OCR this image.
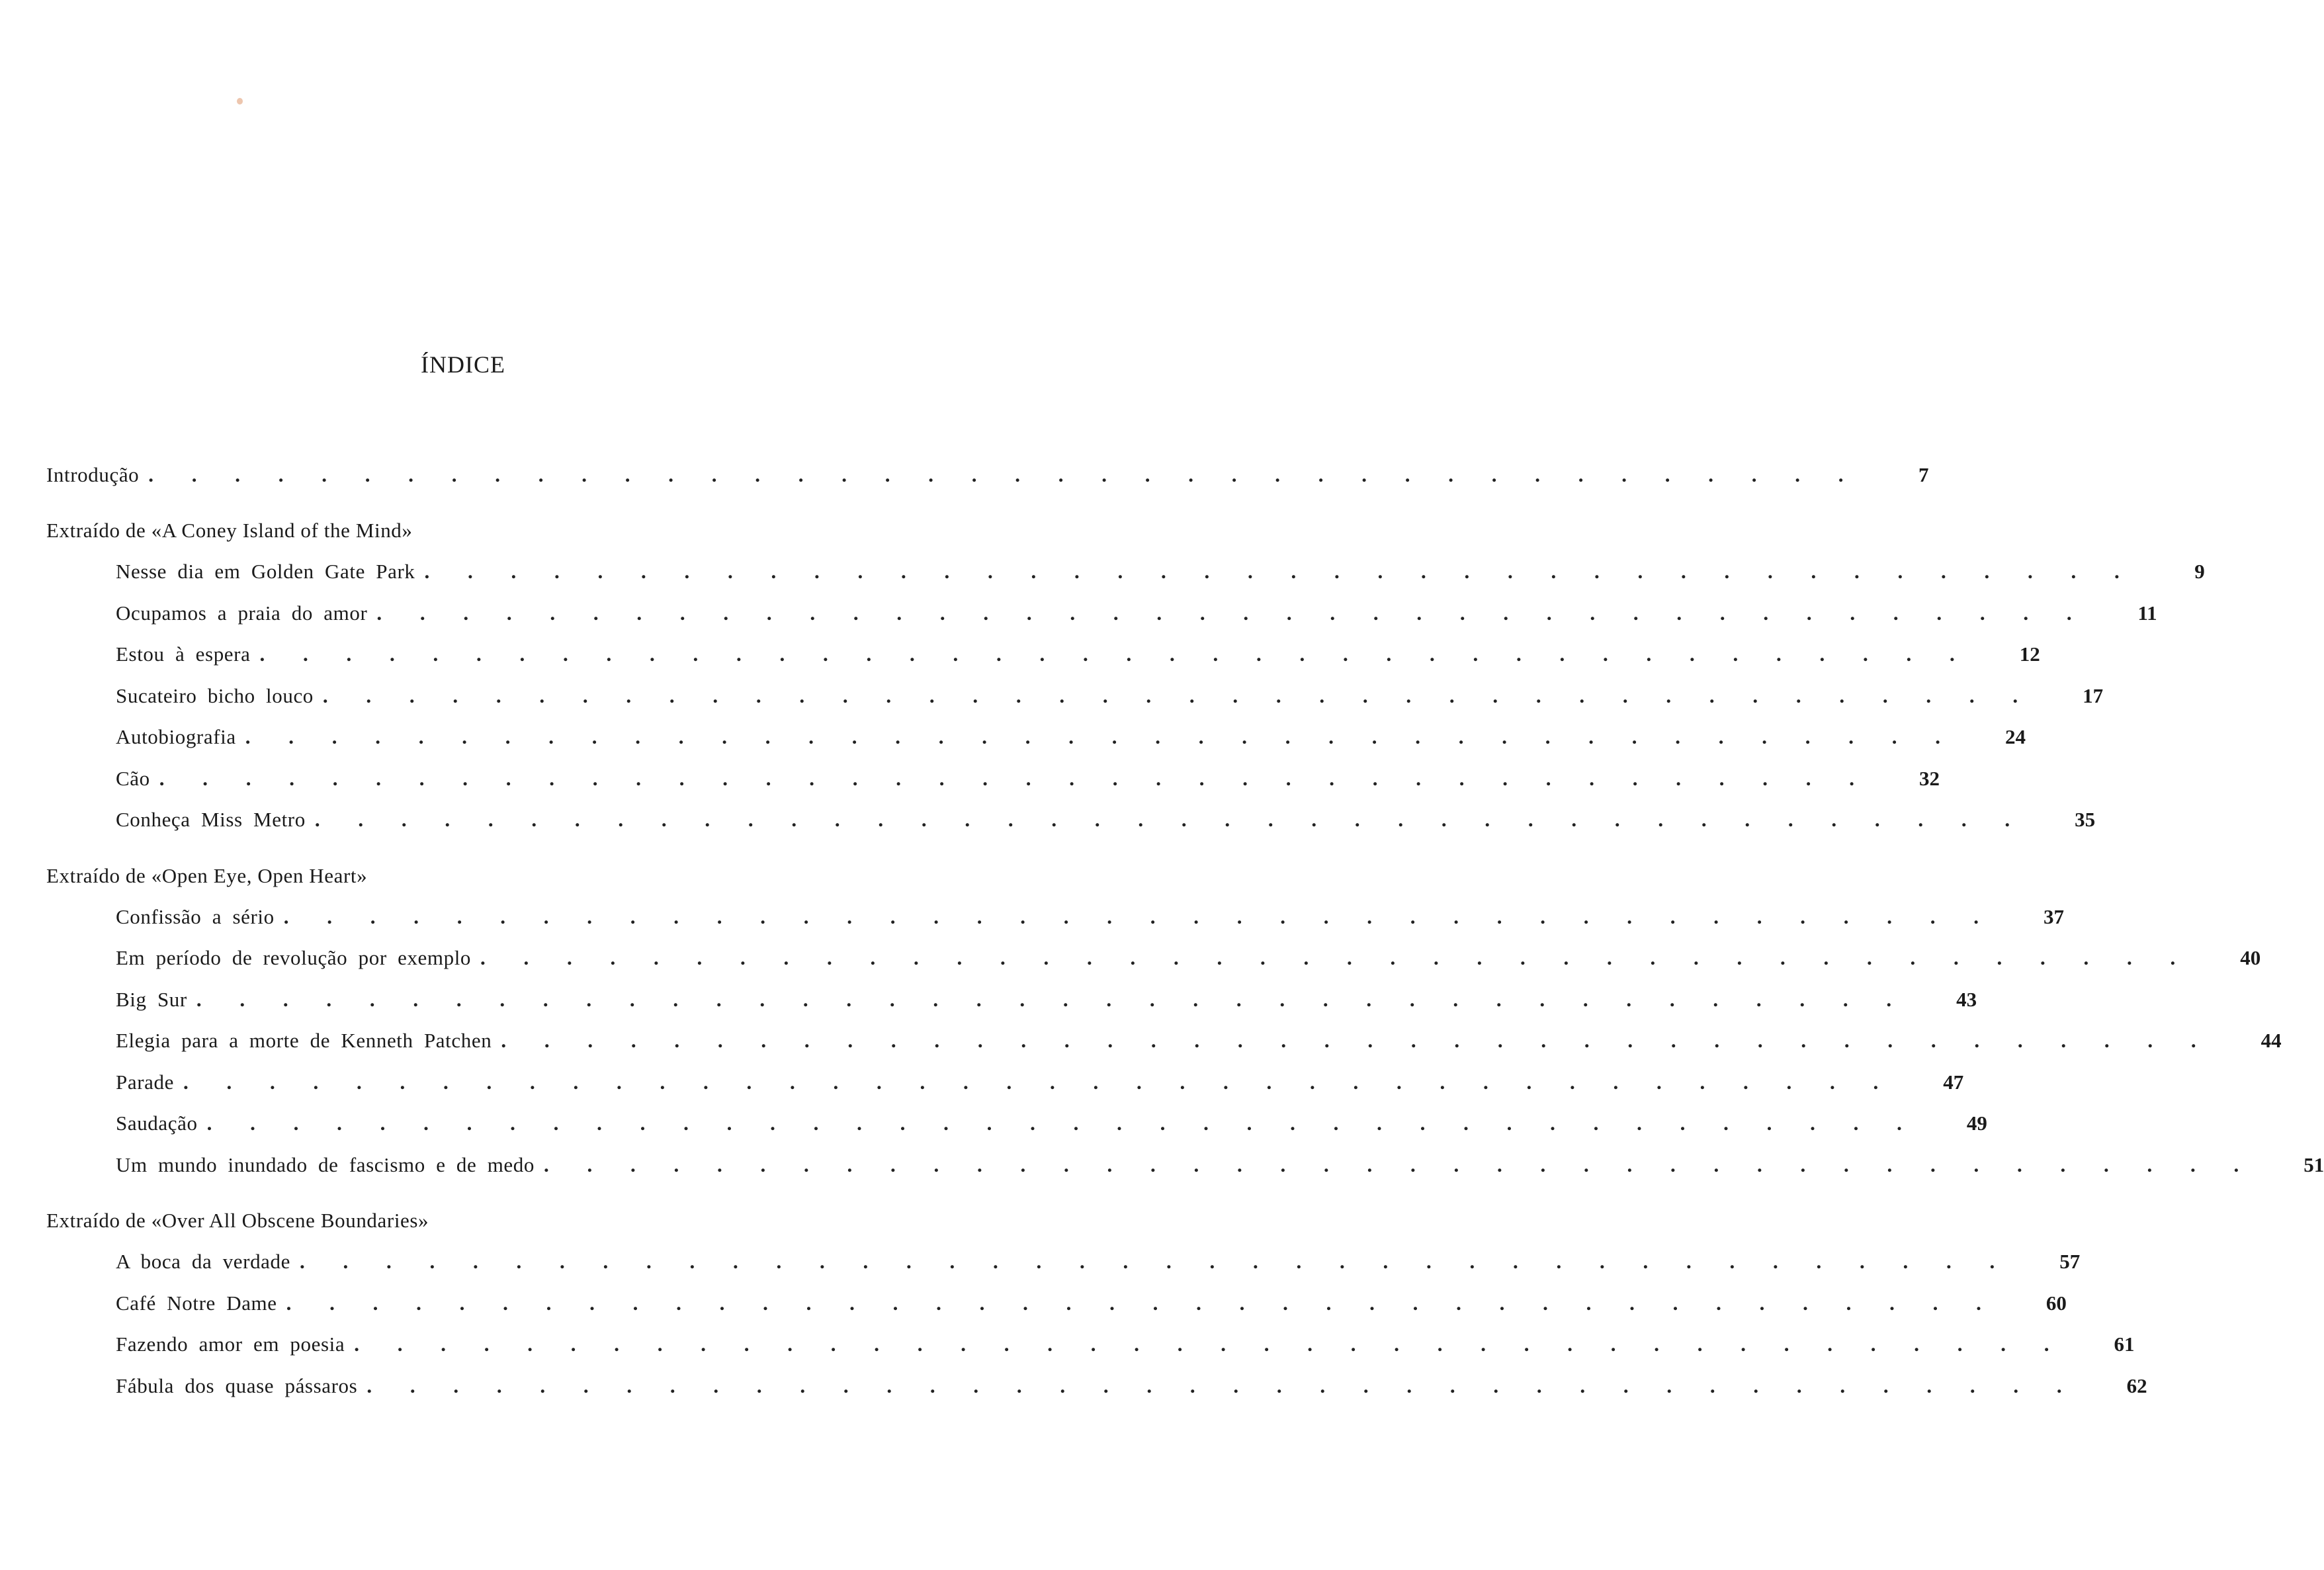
ÍNDICE
Introdução . . . . . . . . . . . . . . . . . . . . . . . . . . . . . . . . . . . . . . . .	7
Extraído de «A Coney Island of the Mind»
Nesse dia em Golden Gate Park . . . . . . . . . . . . . . . . . . . . . . . . . . . . . . . . . . . . . . . .	9
Ocupamos a praia do amor . . . . . . . . . . . . . . . . . . . . . . . . . . . . . . . . . . . . . . . .	11
Estou à espera . . . . . . . . . . . . . . . . . . . . . . . . . . . . . . . . . . . . . . . .	12
Sucateiro bicho louco . . . . . . . . . . . . . . . . . . . . . . . . . . . . . . . . . . . . . . . .	17
Autobiografia . . . . . . . . . . . . . . . . . . . . . . . . . . . . . . . . . . . . . . . .	24
Cão . . . . . . . . . . . . . . . . . . . . . . . . . . . . . . . . . . . . . . . .	32
Conheça Miss Metro . . . . . . . . . . . . . . . . . . . . . . . . . . . . . . . . . . . . . . . .	35
Extraído de «Open Eye, Open Heart»
Confissão a sério . . . . . . . . . . . . . . . . . . . . . . . . . . . . . . . . . . . . . . . .	37
Em período de revolução por exemplo . . . . . . . . . . . . . . . . . . . . . . . . . . . . . . . . . . . . . . . .	40
Big Sur . . . . . . . . . . . . . . . . . . . . . . . . . . . . . . . . . . . . . . . .	43
Elegia para a morte de Kenneth Patchen . . . . . . . . . . . . . . . . . . . . . . . . . . . . . . . . . . . . . . . .	44
Parade . . . . . . . . . . . . . . . . . . . . . . . . . . . . . . . . . . . . . . . .	47
Saudação . . . . . . . . . . . . . . . . . . . . . . . . . . . . . . . . . . . . . . . .	49
Um mundo inundado de fascismo e de medo . . . . . . . . . . . . . . . . . . . . . . . . . . . . . . . . . . . . . . . .	51
Extraído de «Over All Obscene Boundaries»
A boca da verdade . . . . . . . . . . . . . . . . . . . . . . . . . . . . . . . . . . . . . . . .	57
Café Notre Dame . . . . . . . . . . . . . . . . . . . . . . . . . . . . . . . . . . . . . . . .	60
Fazendo amor em poesia . . . . . . . . . . . . . . . . . . . . . . . . . . . . . . . . . . . . . . . .	61
Fábula dos quase pássaros . . . . . . . . . . . . . . . . . . . . . . . . . . . . . . . . . . . . . . . .	62
